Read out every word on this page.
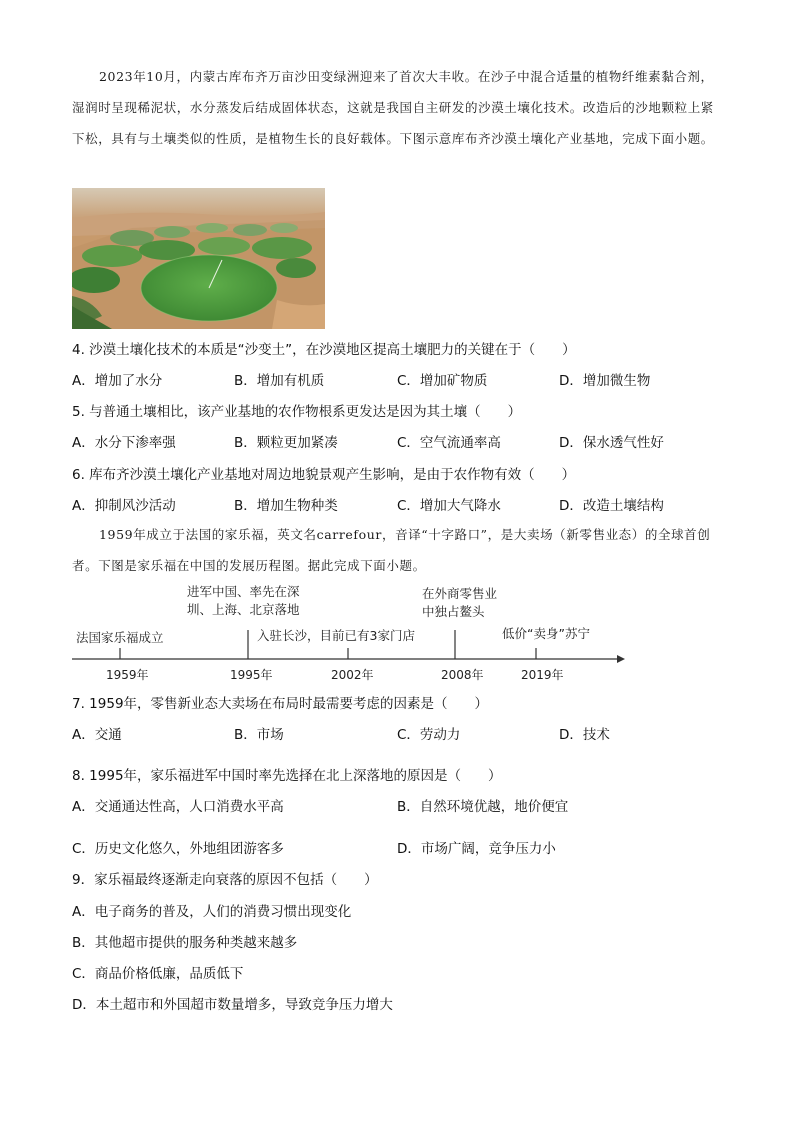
2023年10月，内蒙古库布齐万亩沙田变绿洲迎来了首次大丰收。在沙子中混合适量的植物纤维素黏合剂，湿润时呈现稀泥状，水分蒸发后结成固体状态，这就是我国自主研发的沙漠土壤化技术。改造后的沙地颗粒上紧下松，具有与土壤类似的性质，是植物生长的良好载体。下图示意库布齐沙漠土壤化产业基地，完成下面小题。
4. 沙漠土壤化技术的本质是“沙变土”，在沙漠地区提高土壤肥力的关键在于（　　）
A．增加了水分	B．增加有机质	C．增加矿物质	D．增加微生物
5. 与普通土壤相比，该产业基地的农作物根系更发达是因为其土壤（　　）
A．水分下渗率强	B．颗粒更加紧凑	C．空气流通率高	D．保水透气性好
6. 库布齐沙漠土壤化产业基地对周边地貌景观产生影响，是由于农作物有效（　　）
A．抑制风沙活动	B．增加生物种类	C．增加大气降水	D．改造土壤结构
1959年成立于法国的家乐福，英文名carrefour，音译“十字路口”，是大卖场（新零售业态）的全球首创者。下图是家乐福在中国的发展历程图。据此完成下面小题。
进军中国、率先在深
圳、上海、北京落地
在外商零售业
中独占鳌头
法国家乐福成立	入驻长沙，目前已有3家门店	低价“卖身”苏宁
1959年	1995年	2002年	2008年	2019年
7. 1959年，零售新业态大卖场在布局时最需要考虑的因素是（　　）
A．交通	B．市场	C．劳动力	D．技术
8. 1995年，家乐福进军中国时率先选择在北上深落地的原因是（　　）
A．交通通达性高，人口消费水平高	B．自然环境优越，地价便宜
C．历史文化悠久，外地组团游客多	D．市场广阔，竞争压力小
9．家乐福最终逐渐走向衰落的原因不包括（　　）
A．电子商务的普及，人们的消费习惯出现变化
B．其他超市提供的服务种类越来越多
C．商品价格低廉，品质低下
D．本土超市和外国超市数量增多，导致竞争压力增大
